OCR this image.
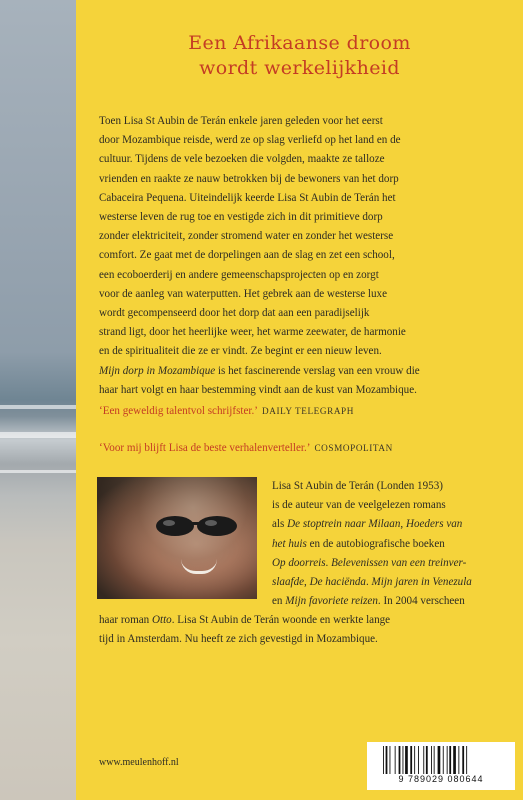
Een Afrikaanse droom
wordt werkelijkheid
Toen Lisa St Aubin de Terán enkele jaren geleden voor het eerst
door Mozambique reisde, werd ze op slag verliefd op het land en de
cultuur. Tijdens de vele bezoeken die volgden, maakte ze talloze
vrienden en raakte ze nauw betrokken bij de bewoners van het dorp
Cabaceira Pequena. Uiteindelijk keerde Lisa St Aubin de Terán het
westerse leven de rug toe en vestigde zich in dit primitieve dorp
zonder elektriciteit, zonder stromend water en zonder het westerse
comfort. Ze gaat met de dorpelingen aan de slag en zet een school,
een ecoboerderij en andere gemeenschapsprojecten op en zorgt
voor de aanleg van waterputten. Het gebrek aan de westerse luxe
wordt gecompenseerd door het dorp dat aan een paradijselijk
strand ligt, door het heerlijke weer, het warme zeewater, de harmonie
en de spiritualiteit die ze er vindt. Ze begint er een nieuw leven.
Mijn dorp in Mozambique is het fascinerende verslag van een vrouw die
haar hart volgt en haar bestemming vindt aan de kust van Mozambique.
‘Een geweldig talentvol schrijfster.’ DAILY TELEGRAPH
‘Voor mij blijft Lisa de beste verhalenverteller.’ COSMOPOLITAN
Lisa St Aubin de Terán (Londen 1953)
is de auteur van de veelgelezen romans
als De stoptrein naar Milaan, Hoeders van
het huis en de autobiografische boeken
Op doorreis. Belevenissen van een treinver-
slaafde, De haciënda. Mijn jaren in Venezula
en Mijn favoriete reizen. In 2004 verscheen
haar roman Otto. Lisa St Aubin de Terán woonde en werkte lange
tijd in Amsterdam. Nu heeft ze zich gevestigd in Mozambique.
www.meulenhoff.nl
9 789029 080644
